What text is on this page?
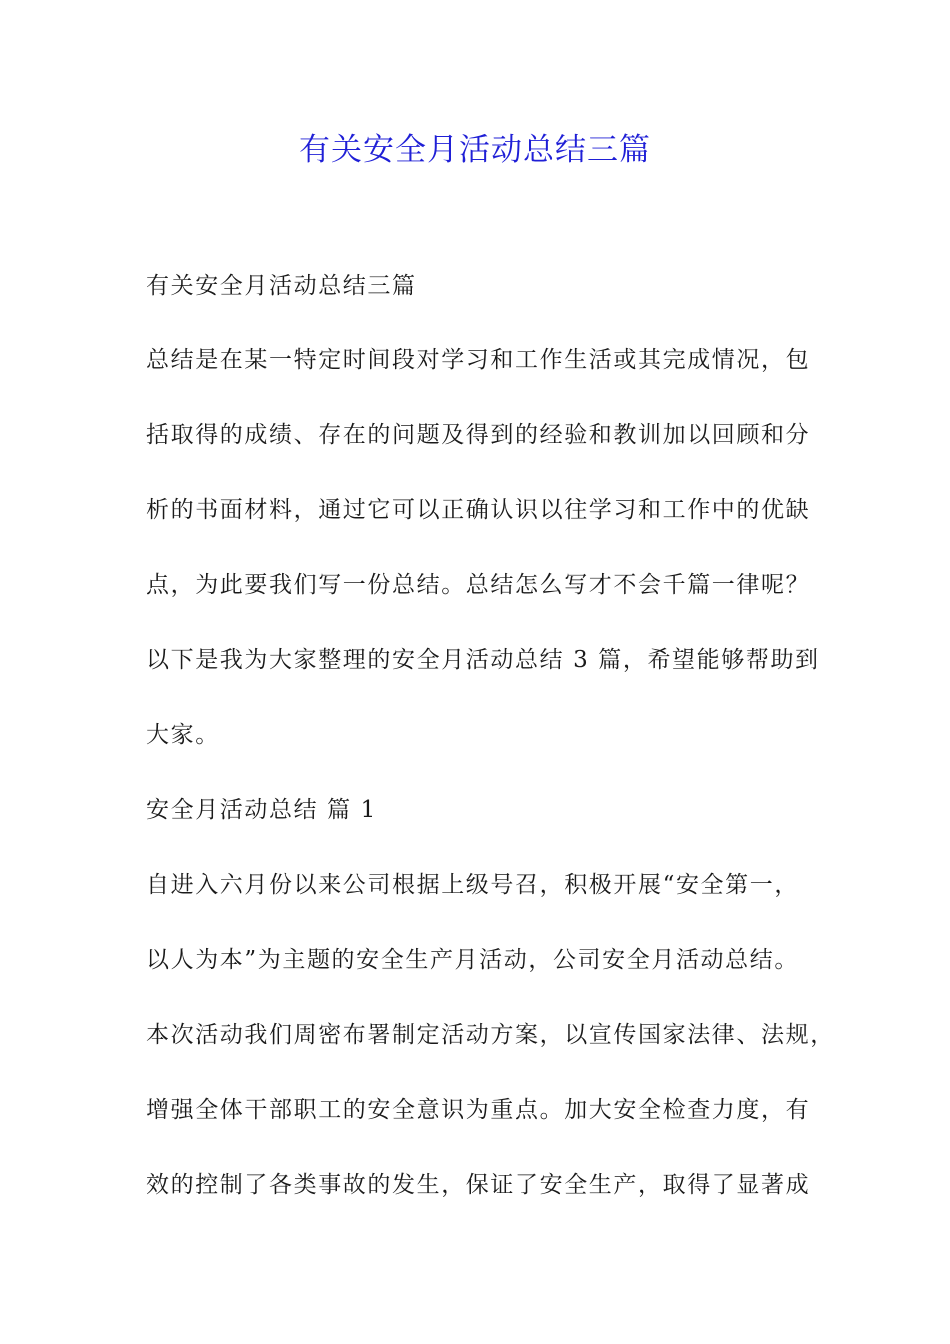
有关安全月活动总结三篇
有关安全月活动总结三篇
总结是在某一特定时间段对学习和工作生活或其完成情况，包
括取得的成绩、存在的问题及得到的经验和教训加以回顾和分
析的书面材料，通过它可以正确认识以往学习和工作中的优缺
点，为此要我们写一份总结。总结怎么写才不会千篇一律呢？
以下是我为大家整理的安全月活动总结 3 篇，希望能够帮助到
大家。
安全月活动总结 篇 1
自进入六月份以来公司根据上级号召，积极开展“安全第一，
以人为本”为主题的安全生产月活动，公司安全月活动总结。
本次活动我们周密布署制定活动方案，以宣传国家法律、法规，
增强全体干部职工的安全意识为重点。加大安全检查力度，有
效的控制了各类事故的发生，保证了安全生产，取得了显著成
